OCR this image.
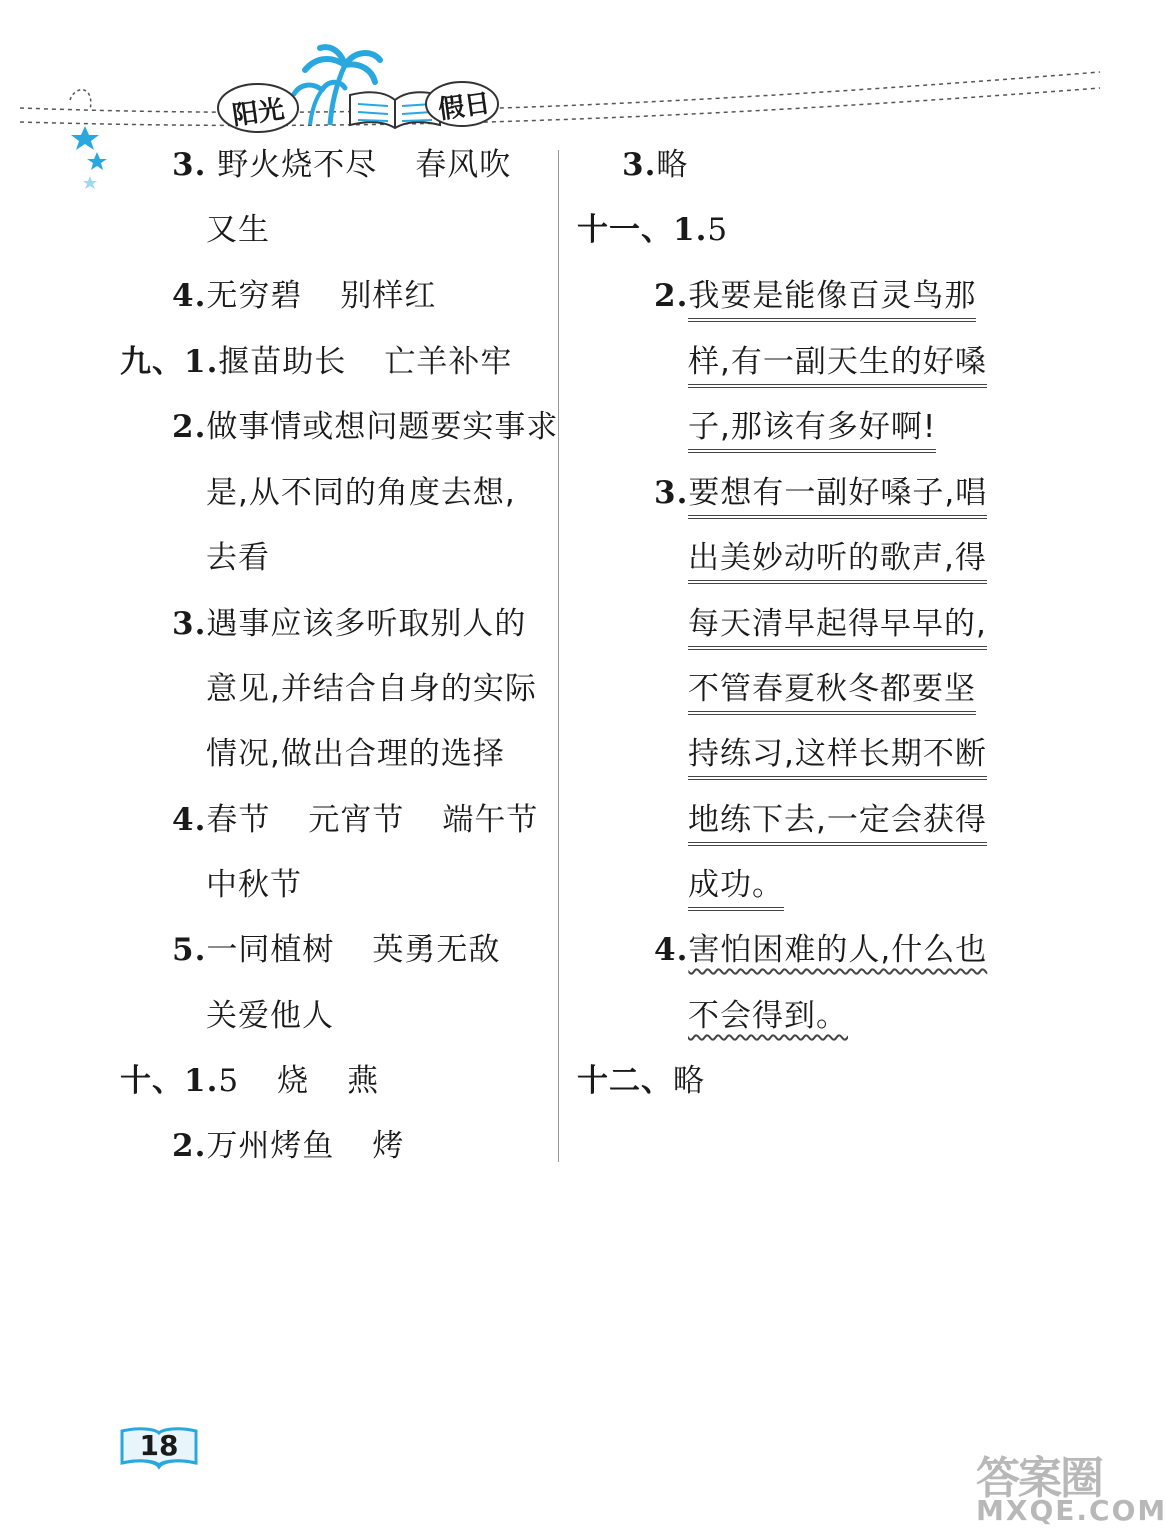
阳光	假日
3. 野火烧不尽 春风吹
又生
4.无穷碧 别样红
九、1.揠苗助长 亡羊补牢
2.做事情或想问题要实事求
是,从不同的角度去想,
去看
3.遇事应该多听取别人的
意见,并结合自身的实际
情况,做出合理的选择
4.春节 元宵节 端午节
中秋节
5.一同植树 英勇无敌
关爱他人
十、1.5 烧 燕
2.万州烤鱼 烤
3.略
十一、1.5
2.我要是能像百灵鸟那
样,有一副天生的好嗓
子,那该有多好啊!
3.要想有一副好嗓子,唱
出美妙动听的歌声,得
每天清早起得早早的,
不管春夏秋冬都要坚
持练习,这样长期不断
地练下去,一定会获得
成功。
4.害怕困难的人,什么也
不会得到。
十二、略
18
答案圈
MXQE.COM
